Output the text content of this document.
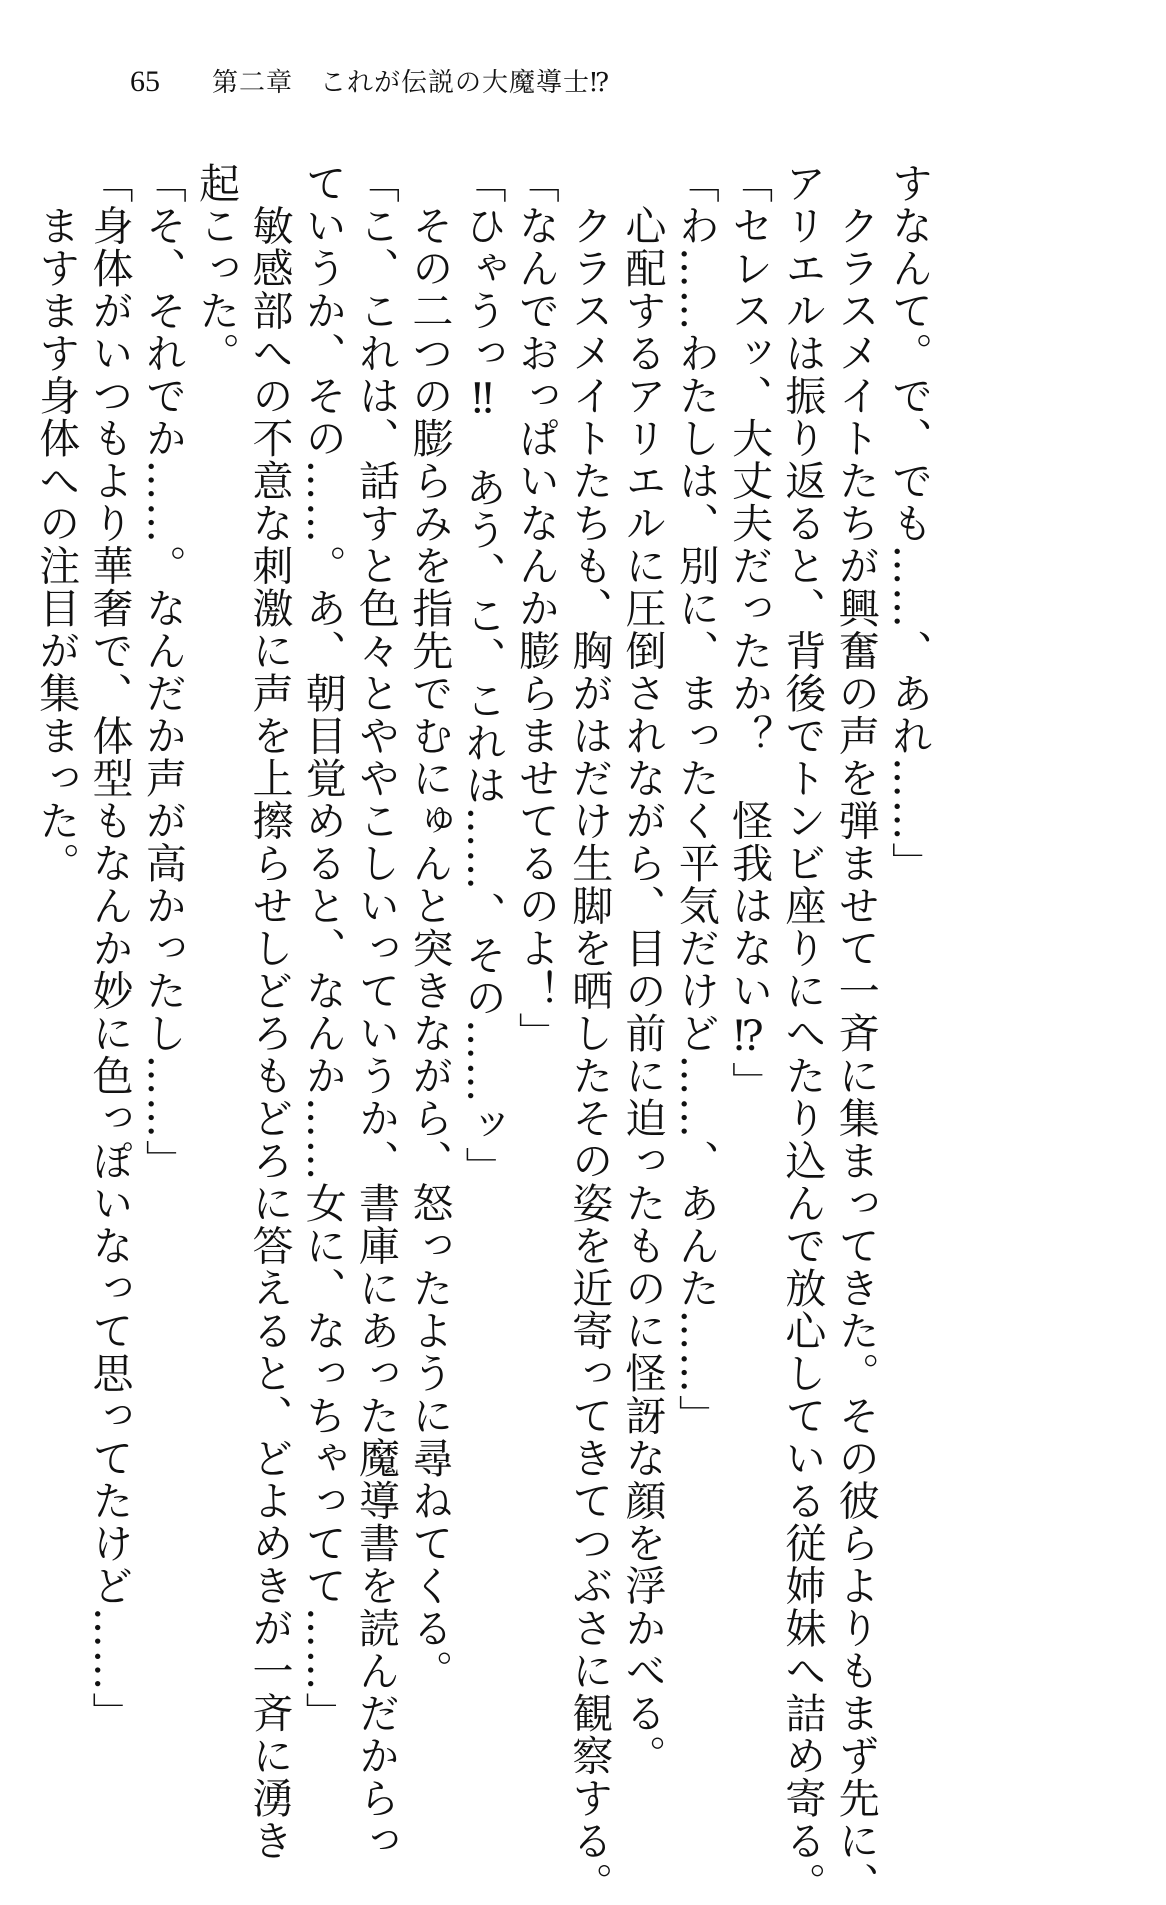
65 第二章　これが伝説の大魔導士⁉

すなんて。で、でも……、あれ……」

　クラスメイトたちが興奮の声を弾ませて一斉に集まってきた。その彼らよりもまず先に、

アリエルは振り返ると、背後でトンビ座りにへたり込んで放心している従姉妹へ詰め寄る。

「セレスッ、大丈夫だったか？　怪我はない⁉」

「わ……わたしは、別に、まったく平気だけど……、あんた……」

　心配するアリエルに圧倒されながら、目の前に迫ったものに怪訝な顔を浮かべる。

　クラスメイトたちも、胸がはだけ生脚を晒したその姿を近寄ってきてつぶさに観察する。

「なんでおっぱいなんか膨らませてるのよ！」

「ひゃうっ‼　あう、こ、これは……、その……ッ」

　その二つの膨らみを指先でむにゅんと突きながら、怒ったように尋ねてくる。

「こ、これは、話すと色々とややこしいっていうか、書庫にあった魔導書を読んだからっ

ていうか、その……。あ、朝目覚めると、なんか……女に、なっちゃってて……」

　敏感部への不意な刺激に声を上擦らせしどろもどろに答えると、どよめきが一斉に湧き

起こった。

「そ、それでか……。なんだか声が高かったし……」

「身体がいつもより華奢で、体型もなんか妙に色っぽいなって思ってたけど……」

　ますます身体への注目が集まった。
